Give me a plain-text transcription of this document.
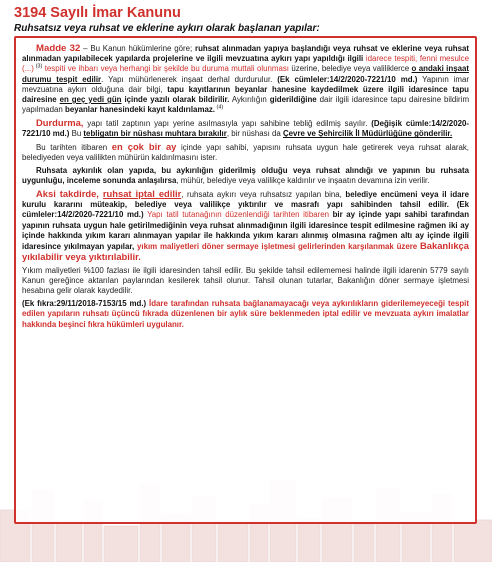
3194 Sayılı İmar Kanunu
Ruhsatsız veya ruhsat ve eklerine aykırı olarak başlanan yapılar:

Madde 32 – Bu Kanun hükümlerine göre; ruhsat alınmadan yapıya başlandığı veya ruhsat ve eklerine veya ruhsat alınmadan yapılabilecek yapılarda projelerine ve ilgili mevzuatına aykırı yapı yapıldığı ilgili idarece tespiti, fenni mesulce (...) $^{(3)}$ tespiti ve ihbarı veya herhangi bir şekilde bu duruma muttali olunması üzerine, belediye veya valiliklerce o andaki inşaat durumu tespit edilir. Yapı mühürlenerek inşaat derhal durdurulur. (Ek cümleler:14/2/2020-7221/10 md.) Yapının imar mevzuatına aykırı olduğuna dair bilgi, tapu kayıtlarının beyanlar hanesine kaydedilmek üzere ilgili idaresince tapu dairesine en geç yedi gün içinde yazılı olarak bildirilir. Aykırılığın giderildiğine dair ilgili idaresince tapu dairesine bildirim yapılmadan beyanlar hanesindeki kayıt kaldırılamaz. $^{(4)}$

Durdurma, yapı tatil zaptının yapı yerine asılmasıyla yapı sahibine tebliğ edilmiş sayılır. (Değişik cümle:14/2/2020-7221/10 md.) Bu tebligatın bir nüshası muhtara bırakılır, bir nüshası da Çevre ve Şehircilik İl Müdürlüğüne gönderilir.

Bu tarihten itibaren en çok bir ay içinde yapı sahibi, yapısını ruhsata uygun hale getirerek veya ruhsat alarak, belediyeden veya valilikten mühürün kaldırılmasını ister.

Ruhsata aykırılık olan yapıda, bu aykırılığın giderilmiş olduğu veya ruhsat alındığı ve yapının bu ruhsata uygunluğu, inceleme sonunda anlaşılırsa, mühür, belediye veya valilikçe kaldırılır ve inşaatın devamına izin verilir.

Aksi takdirde, ruhsat iptal edilir, ruhsata aykırı veya ruhsatsız yapılan bina, belediye encümeni veya il idare kurulu kararını müteakip, belediye veya valilikçe yıktırılır ve masrafı yapı sahibinden tahsil edilir. (Ek cümleler:14/2/2020-7221/10 md.) Yapı tatil tutanağının düzenlendiği tarihten itibaren bir ay içinde yapı sahibi tarafından yapının ruhsata uygun hale getirilmediğinin veya ruhsat alınmadığının ilgili idaresince tespit edilmesine rağmen iki ay içinde hakkında yıkım kararı alınmayan yapılar ile hakkında yıkım kararı alınmış olmasına rağmen altı ay içinde ilgili idaresince yıkılmayan yapılar, yıkım maliyetleri döner sermaye işletmesi gelirlerinden karşılanmak üzere Bakanlıkça yıkılabilir veya yıktırılabilir.

Yıkım maliyetleri %100 fazlası ile ilgili idaresinden tahsil edilir. Bu şekilde tahsil edilememesi halinde ilgili idarenin 5779 sayılı Kanun gereğince aktarılan paylarından kesilerek tahsil olunur. Tahsil olunan tutarlar, Bakanlığın döner sermaye işletmesi hesabına gelir olarak kaydedilir.

(Ek fıkra:29/11/2018-7153/15 md.) İdare tarafından ruhsata bağlanamayacağı veya aykırılıkların giderilemeyeceği tespit edilen yapıların ruhsatı üçüncü fıkrada düzenlenen bir aylık süre beklenmeden iptal edilir ve mevzuata aykırı imalatlar hakkında beşinci fıkra hükümleri uygulanır.
